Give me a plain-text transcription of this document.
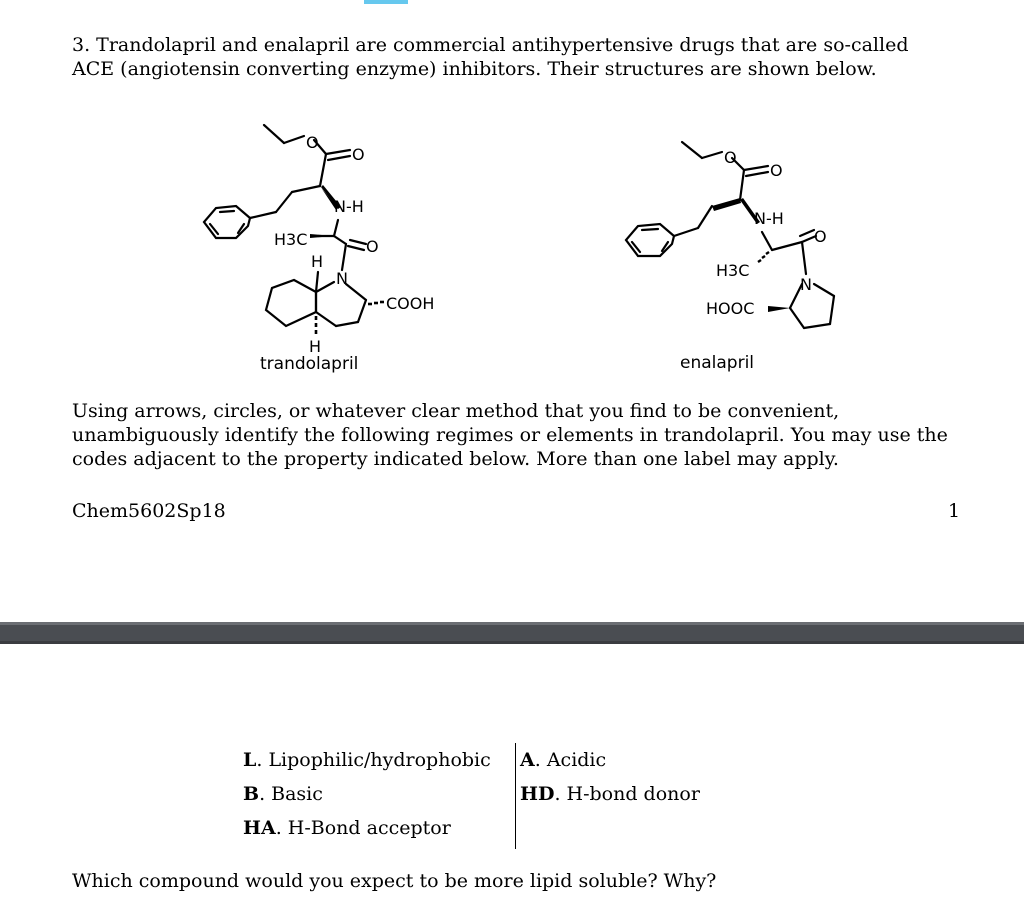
3. Trandolapril and enalapril are commercial antihypertensive drugs that are so-called ACE (angiotensin converting enzyme) inhibitors. Their structures are shown below.

O
O
N-H
H3C	O
H
N
COOH
H
trandolapril
O
O
N-H
O
H3C
N
HOOC
enalapril

Using arrows, circles, or whatever clear method that you find to be convenient, unambiguously identify the following regimes or elements in trandolapril. You may use the codes adjacent to the property indicated below. More than one label may apply.

Chem5602Sp18	1
L. Lipophilic/hydrophobic
B. Basic
HA. H-Bond acceptor
A. Acidic
HD. H-bond donor
Which compound would you expect to be more lipid soluble? Why?
